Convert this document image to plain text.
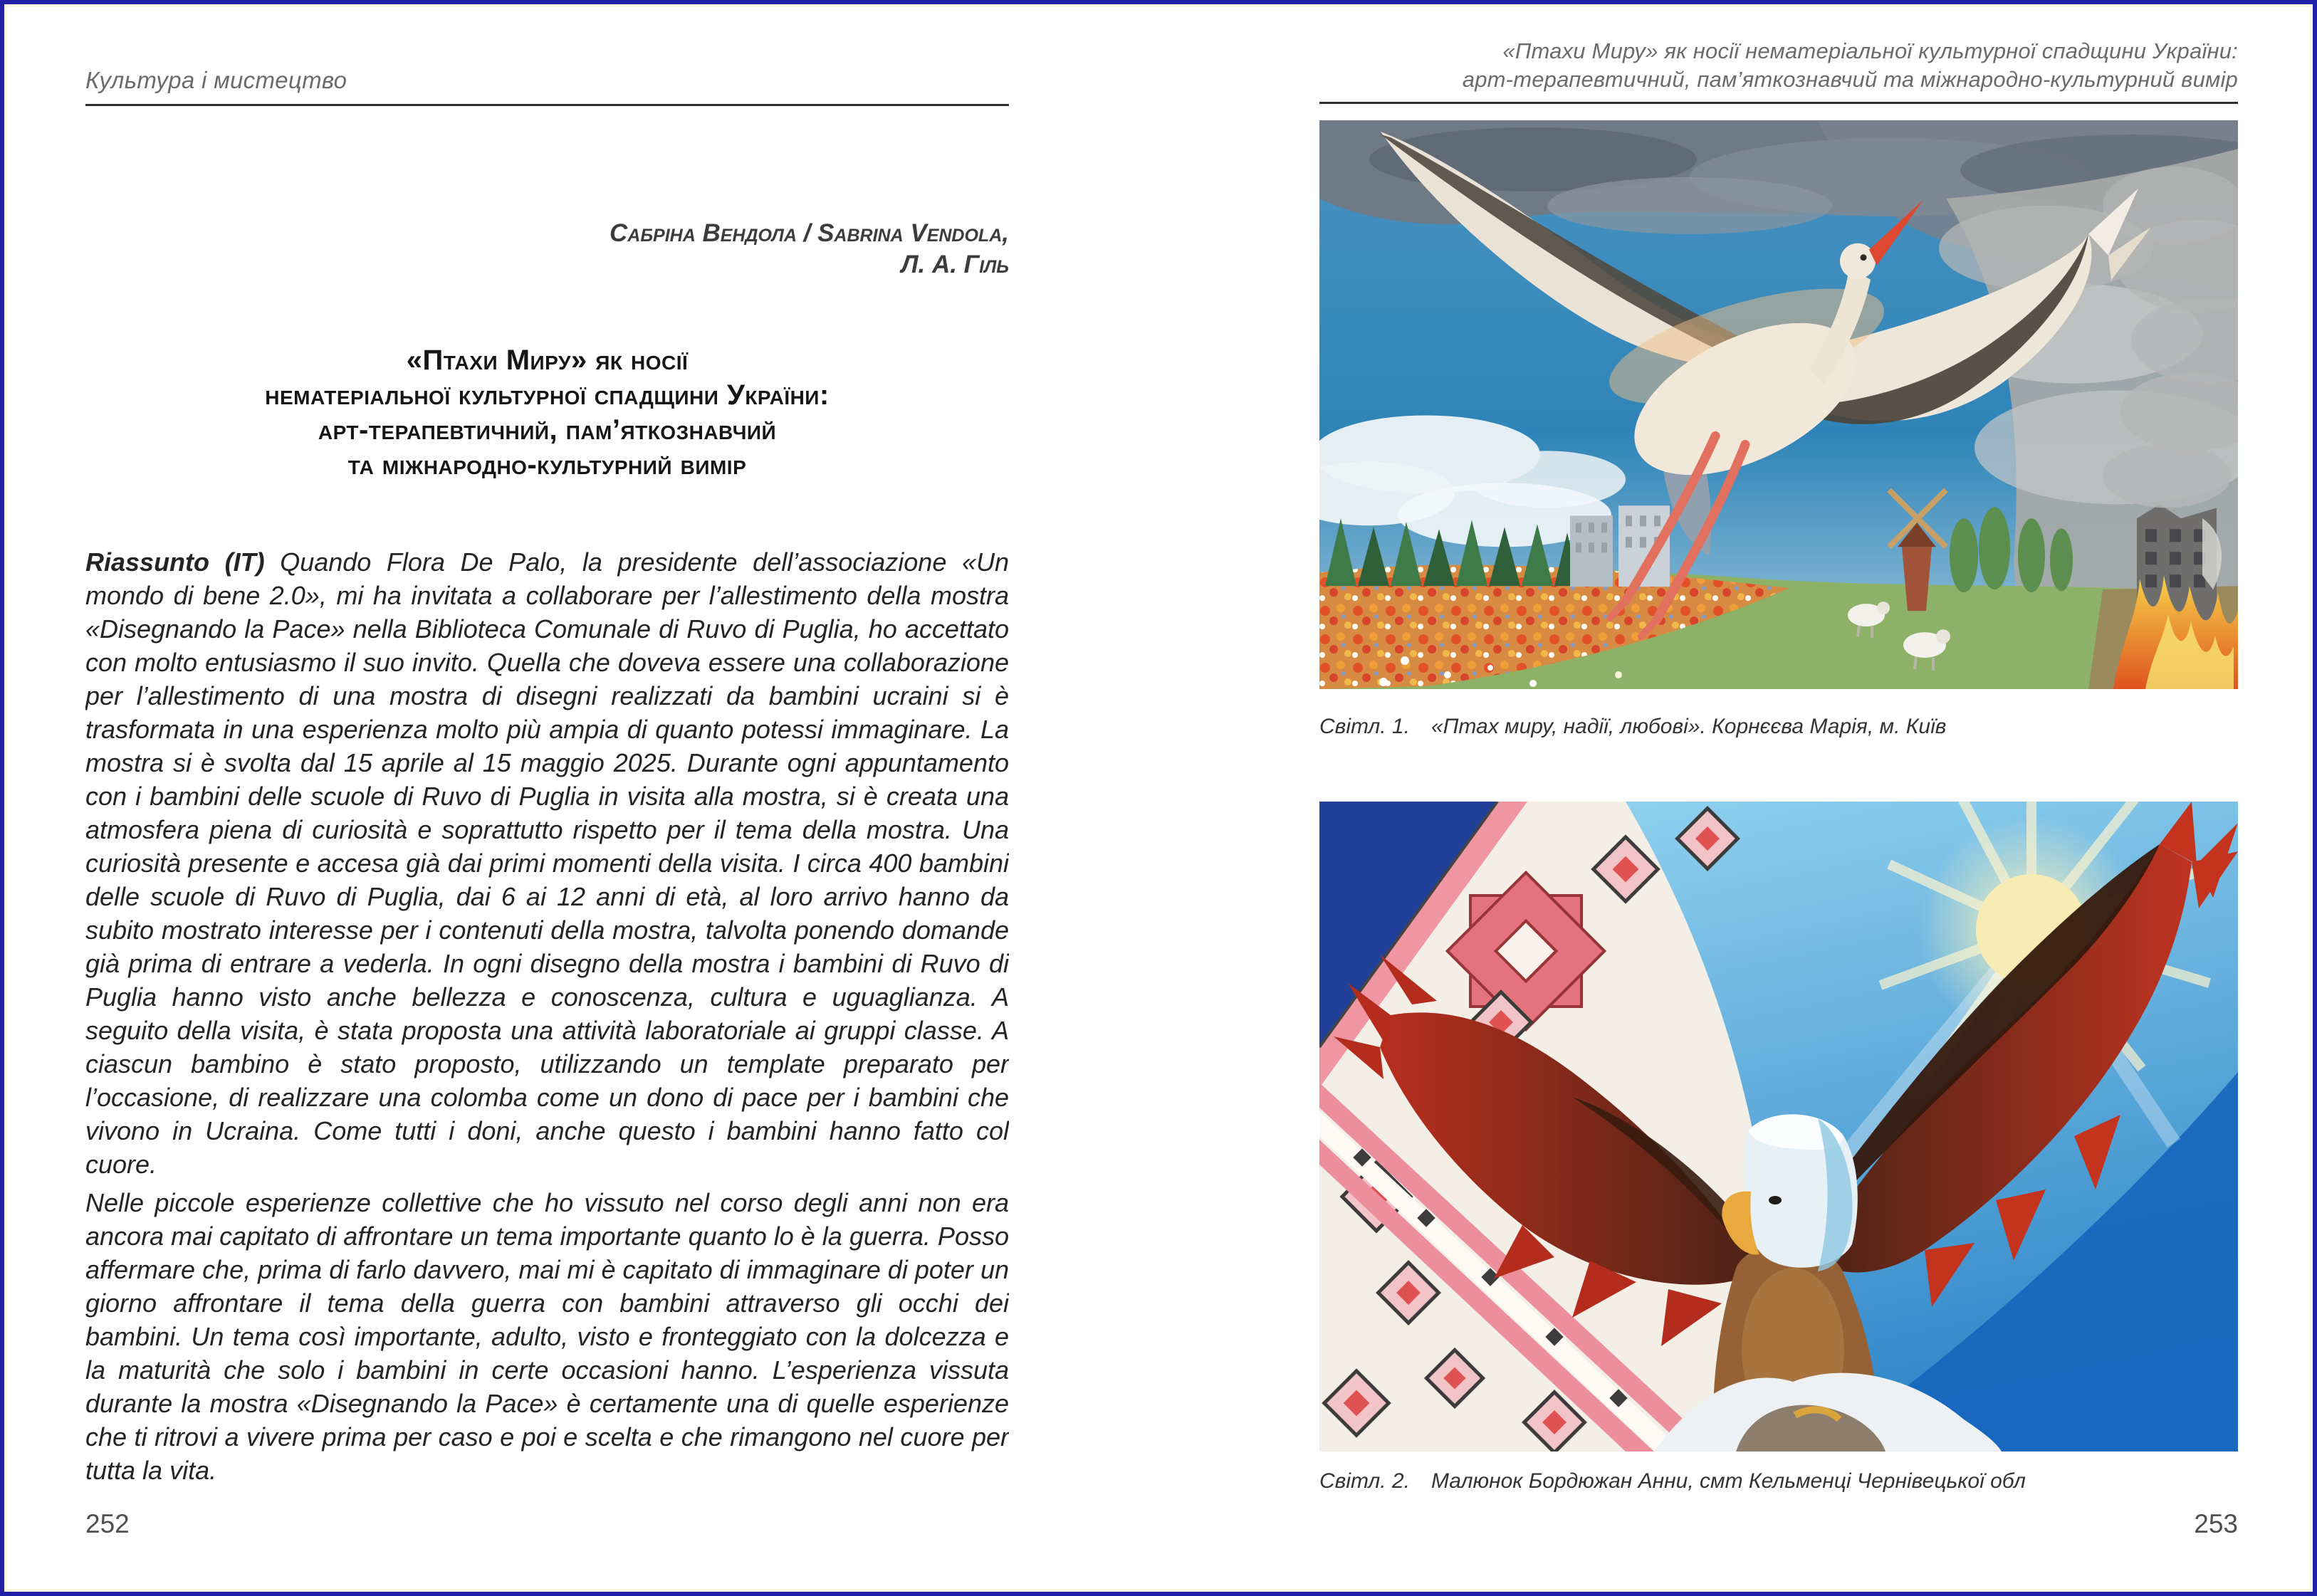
Культура і мистецтво
«Птахи Миру» як носії нематеріальної культурної спадщини України:
арт-терапевтичний, пам’яткознавчий та міжнародно-культурний вимір
Сабріна Вендола / Sabrina Vendola,
Л. А. Гіль
«Птахи Миру» як носії
нематеріальної культурної спадщини України:
арт-терапевтичний, пам’яткознавчий
та міжнародно-культурний вимір

Riassunto (IT) Quando Flora De Palo, la presidente dell’associazione «Un mondo di bene 2.0», mi ha invitata a collaborare per l’allestimento della mostra «Disegnando la Pace» nella Biblioteca Comunale di Ruvo di Puglia, ho accettato con molto entusiasmo il suo invito. Quella che doveva essere una collaborazione per l’allestimento di una mostra di disegni realizzati da bambini ucraini si è trasformata in una esperienza molto più ampia di quanto potessi immaginare. La mostra si è svolta dal 15 aprile al 15 maggio 2025. Durante ogni appuntamento con i bambini delle scuole di Ruvo di Puglia in visita alla mostra, si è creata una atmosfera piena di curiosità e soprattutto rispetto per il tema della mostra. Una curiosità presente e accesa già dai primi momenti della visita. I circa 400 bambini delle scuole di Ruvo di Puglia, dai 6 ai 12 anni di età, al loro arrivo hanno da subito mostrato interesse per i contenuti della mostra, talvolta ponendo domande già prima di entrare a vederla. In ogni disegno della mostra i bambini di Ruvo di Puglia hanno visto anche bellezza e conoscenza, cultura e uguaglianza. A seguito della visita, è stata proposta una attività laboratoriale ai gruppi classe. A ciascun bambino è stato proposto, utilizzando un template preparato per l’occasione, di realizzare una colomba come un dono di pace per i bambini che vivono in Ucraina. Come tutti i doni, anche questo i bambini hanno fatto col cuore.

Nelle piccole esperienze collettive che ho vissuto nel corso degli anni non era ancora mai capitato di affrontare un tema importante quanto lo è la guerra. Posso affermare che, prima di farlo davvero, mai mi è capitato di immaginare di poter un giorno affrontare il tema della guerra con bambini attraverso gli occhi dei bambini. Un tema così importante, adulto, visto e fronteggiato con la dolcezza e la maturità che solo i bambini in certe occasioni hanno. L’esperienza vissuta durante la mostra «Disegnando la Pace» è certamente una di quelle esperienze che ti ritrovi a vivere prima per caso e poi e scelta e che rimangono nel cuore per tutta la vita.

252
Світл. 1. «Птах миру, надії, любові». Корнєєва Марія, м. Київ
Світл. 2. Малюнок Бордюжан Анни, смт Кельменці Чернівецької обл
253
